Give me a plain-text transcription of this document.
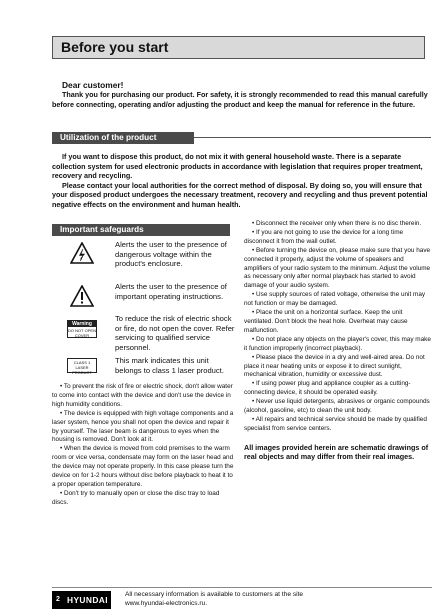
Before you start
Dear customer!
Thank you for purchasing our product. For safety, it is strongly recommended to read this manual carefully before connecting, operating and/or adjusting the product and keep the manual for reference in the future.
Utilization of the product

If you want to dispose this product, do not mix it with general household waste. There is a separate collection system for used electronic products in accordance with legislation that requires proper treatment, recovery and recycling.

Please contact your local authorities for the correct method of disposal. By doing so, you will ensure that your disposed product undergoes the necessary treatment, recovery and recycling and thus prevent potential negative effects on the environment and human health.

Important safeguards
Alerts the user to the presence of dangerous voltage within the product's enclosure.
Alerts the user to the presence of important operating instructions.
Warning
DO NOT OPEN COVER
To reduce the risk of electric shock or fire, do not open the cover. Refer servicing to qualified service personnel.
CLASS 1 LASER PRODUCT
This mark indicates this unit belongs to class 1 laser product.

• To prevent the risk of fire or electric shock, don't allow water to come into contact with the device and don't use the device in high humidity conditions.

• The device is equipped with high voltage components and a laser system, hence you shall not open the device and repair it by yourself. The laser beam is dangerous to eyes when the housing is removed. Don't look at it.

• When the device is moved from cold premises to the warm room or vice versa, condensate may form on the laser head and the device may not operate properly. In this case please turn the device on for 1-2 hours without disc before playback to heat it to a proper operation temperature.

• Don't try to manually open or close the disc tray to load discs.

• Disconnect the receiver only when there is no disc therein.

• If you are not going to use the device for a long time disconnect it from the wall outlet.

• Before turning the device on, please make sure that you have connected it properly, adjust the volume of speakers and amplifiers of your radio system to the minimum. Adjust the volume as necessary only after normal playback has started to avoid damage of your audio system.

• Use supply sources of rated voltage, otherwise the unit may not function or may be damaged.

• Place the unit on a horizontal surface. Keep the unit ventilated. Don't block the heat hole. Overheat may cause malfunction.

• Do not place any objects on the player's cover, this may make it function improperly (incorrect playback).

• Please place the device in a dry and well-aired area. Do not place it near heating units or expose it to direct sunlight, mechanical vibration, humidity or excessive dust.

• If using power plug and appliance coupler as a cutting-connecting device, it should be operated easily.

• Never use liquid detergents, abrasives or organic compounds (alcohol, gasoline, etc) to clean the unit body.

• All repairs and technical service should be made by qualified specialist from service centers.

All images provided herein are schematic drawings of real objects and may differ from their real images.

2 HYUNDAI
All necessary information is available to customers at the site
www.hyundai-electronics.ru.
